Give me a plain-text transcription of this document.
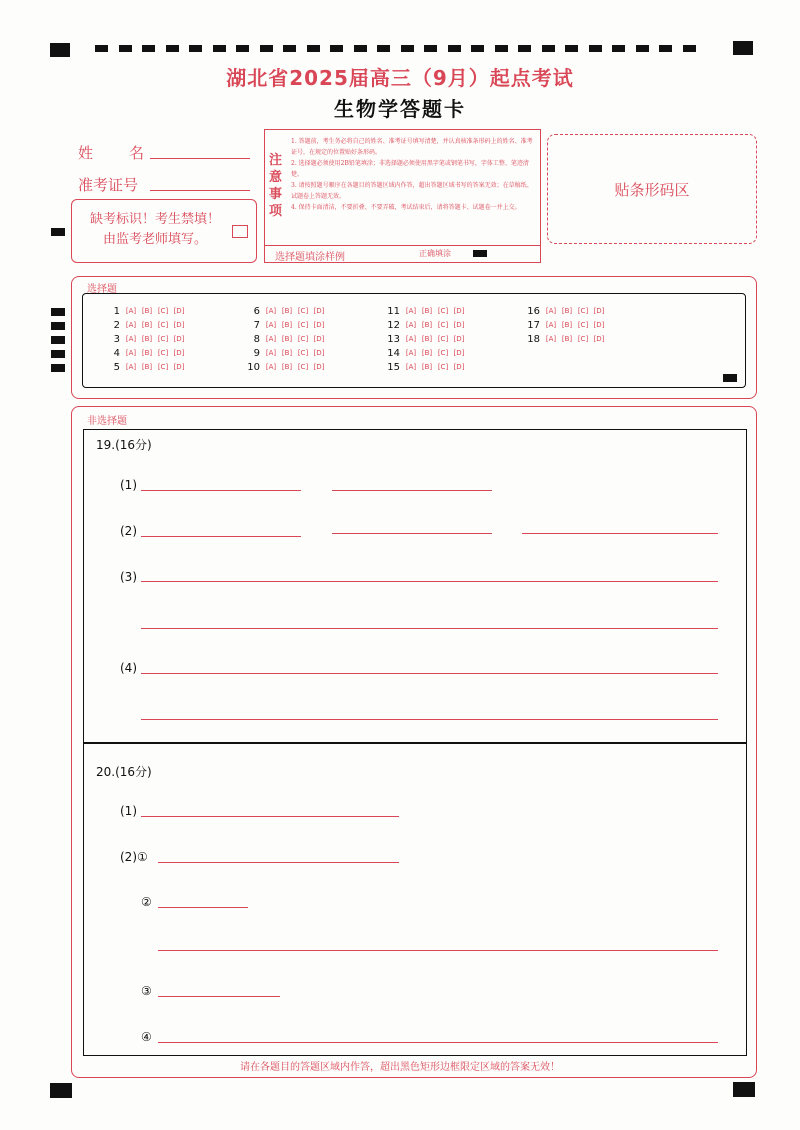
湖北省2025届高三（9月）起点考试
生物学答题卡
姓　　名
准考证号
缺考标识！考生禁填！
由监考老师填写。
注
意
事
项
1. 答题前，考生务必将自己的姓名、准考证号填写清楚，并认真核准条形码上的姓名、准考证号，在规定的位置贴好条形码。
2. 选择题必须使用2B铅笔填涂；非选择题必须使用黑字笔或钢笔书写，字体工整、笔迹清楚。
3. 请按照题号顺序在各题目的答题区域内作答，超出答题区域书写的答案无效；在草稿纸、试题卷上答题无效。
4. 保持卡面清洁，不要折叠、不要弄破，考试结束后，请将答题卡、试题卷一并上交。
选择题填涂样例	正确填涂
贴条形码区
选择题
1	[ A ]	[ B ]	[ C ]	[ D ]
2	[ A ]	[ B ]	[ C ]	[ D ]
3	[ A ]	[ B ]	[ C ]	[ D ]
4	[ A ]	[ B ]	[ C ]	[ D ]
5	[ A ]	[ B ]	[ C ]	[ D ]
6	[ A ]	[ B ]	[ C ]	[ D ]
7	[ A ]	[ B ]	[ C ]	[ D ]
8	[ A ]	[ B ]	[ C ]	[ D ]
9	[ A ]	[ B ]	[ C ]	[ D ]
10	[ A ]	[ B ]	[ C ]	[ D ]
11	[ A ]	[ B ]	[ C ]	[ D ]
12	[ A ]	[ B ]	[ C ]	[ D ]
13	[ A ]	[ B ]	[ C ]	[ D ]
14	[ A ]	[ B ]	[ C ]	[ D ]
15	[ A ]	[ B ]	[ C ]	[ D ]
16	[ A ]	[ B ]	[ C ]	[ D ]
17	[ A ]	[ B ]	[ C ]	[ D ]
18	[ A ]	[ B ]	[ C ]	[ D ]
非选择题
19.(16分)
(1)
(2)
(3)
(4)
20.(16分)
(1)
(2)①
②
③
④
请在各题目的答题区域内作答，超出黑色矩形边框限定区域的答案无效！
